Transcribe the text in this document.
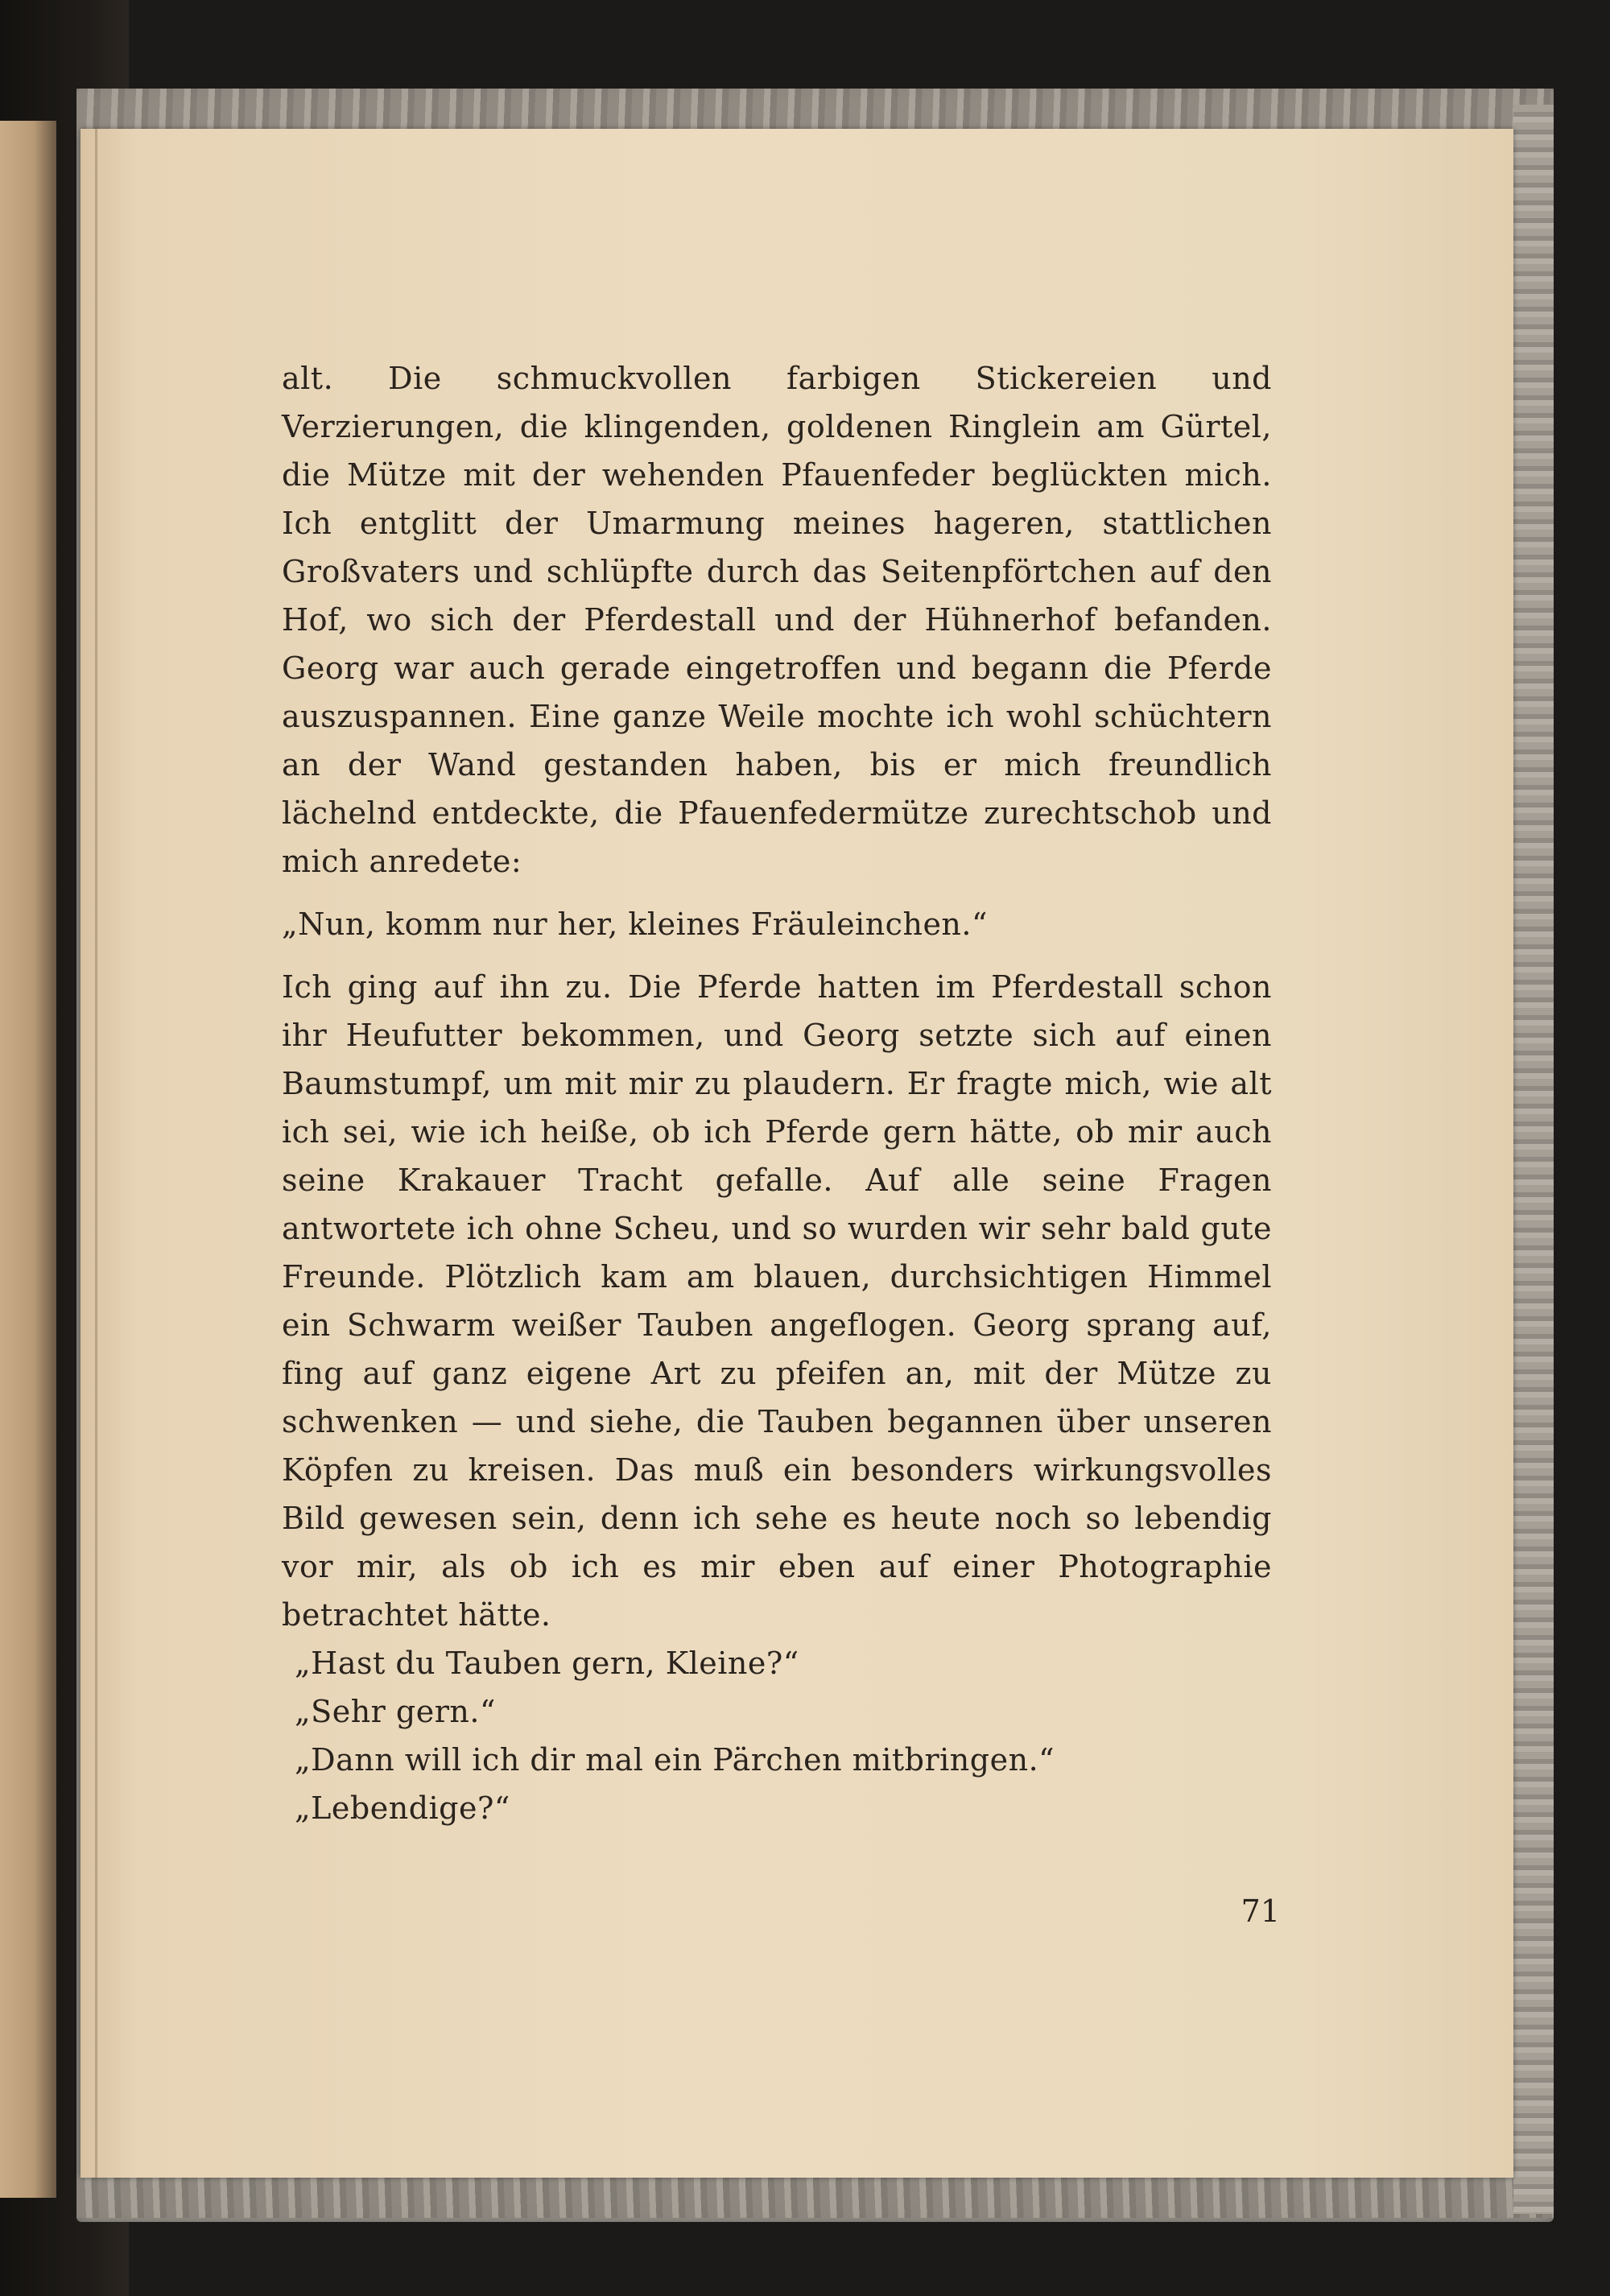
alt. Die schmuckvollen farbigen Stickereien und Verzierungen, die klingenden, goldenen Ringlein am Gürtel, die Mütze mit der wehenden Pfauenfeder beglückten mich. Ich entglitt der Umarmung meines hageren, stattlichen Großvaters und schlüpfte durch das Seitenpförtchen auf den Hof, wo sich der Pferdestall und der Hühnerhof befanden. Georg war auch gerade eingetroffen und begann die Pferde auszuspannen. Eine ganze Weile mochte ich wohl schüchtern an der Wand gestanden haben, bis er mich freundlich lächelnd entdeckte, die Pfauenfedermütze zurechtschob und mich anredete:

„Nun, komm nur her, kleines Fräuleinchen.“

Ich ging auf ihn zu. Die Pferde hatten im Pferdestall schon ihr Heufutter bekommen, und Georg setzte sich auf einen Baumstumpf, um mit mir zu plaudern. Er fragte mich, wie alt ich sei, wie ich heiße, ob ich Pferde gern hätte, ob mir auch seine Krakauer Tracht gefalle. Auf alle seine Fragen antwortete ich ohne Scheu, und so wurden wir sehr bald gute Freunde. Plötzlich kam am blauen, durchsichtigen Himmel ein Schwarm weißer Tauben angeflogen. Georg sprang auf, fing auf ganz eigene Art zu pfeifen an, mit der Mütze zu schwenken — und siehe, die Tauben begannen über unseren Köpfen zu kreisen. Das muß ein besonders wirkungsvolles Bild gewesen sein, denn ich sehe es heute noch so lebendig vor mir, als ob ich es mir eben auf einer Photographie betrachtet hätte.

„Hast du Tauben gern, Kleine?“

„Sehr gern.“

„Dann will ich dir mal ein Pärchen mitbringen.“

„Lebendige?“

71
